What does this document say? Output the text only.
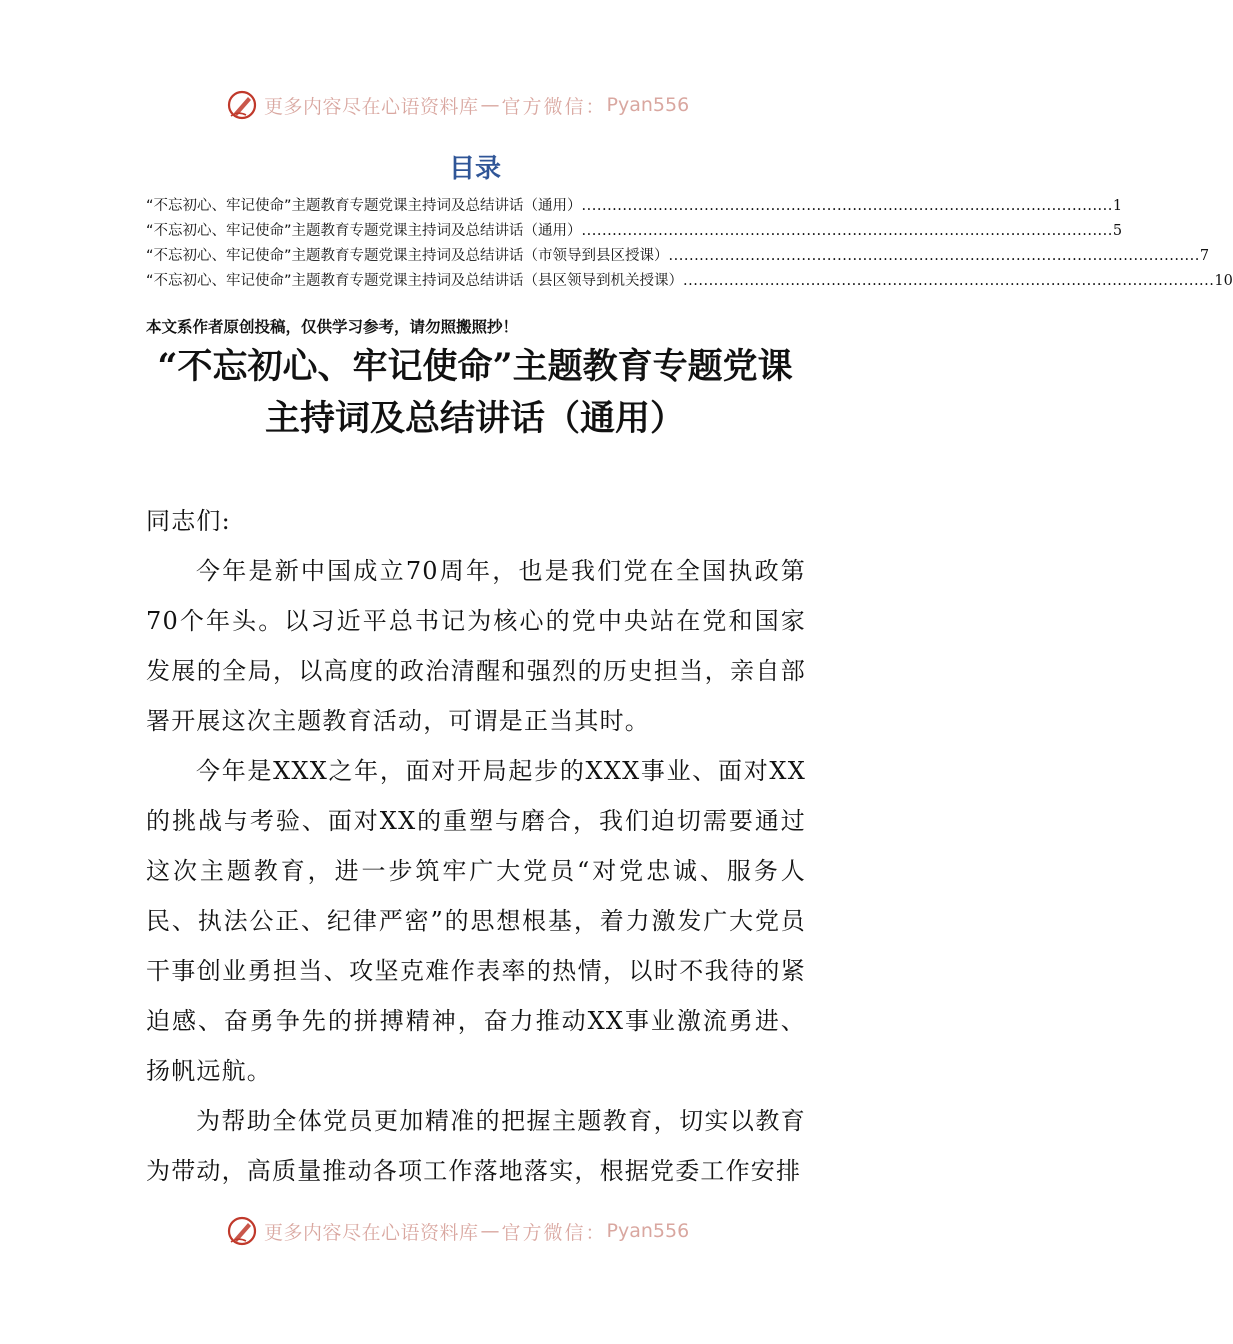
更多内容尽在心语资料库 — 官方微信： Pyan556
目录
“不忘初心、牢记使命”主题教育专题党课主持词及总结讲话（通用） ........................................................................................................ 1
“不忘初心、牢记使命”主题教育专题党课主持词及总结讲话（通用） ........................................................................................................ 5
“不忘初心、牢记使命”主题教育专题党课主持词及总结讲话（市领导到县区授课） ........................................................................................................ 7
“不忘初心、牢记使命”主题教育专题党课主持词及总结讲话（县区领导到机关授课） ........................................................................................................ 10
本文系作者原创投稿，仅供学习参考，请勿照搬照抄！
“不忘初心、牢记使命”主题教育专题党课
主持词及总结讲话（通用）

同志们:

今年是新中国成立70周年，也是我们党在全国执政第70个年头。以习近平总书记为核心的党中央站在党和国家发展的全局，以高度的政治清醒和强烈的历史担当，亲自部署开展这次主题教育活动，可谓是正当其时。

今年是XXX之年，面对开局起步的XXX事业、面对XX的挑战与考验、面对XX的重塑与磨合，我们迫切需要通过这次主题教育，进一步筑牢广大党员“对党忠诚、服务人民、执法公正、纪律严密”的思想根基，着力激发广大党员干事创业勇担当、攻坚克难作表率的热情，以时不我待的紧迫感、奋勇争先的拼搏精神，奋力推动XX事业激流勇进、扬帆远航。

为帮助全体党员更加精准的把握主题教育，切实以教育为带动，高质量推动各项工作落地落实，根据党委工作安排

更多内容尽在心语资料库 — 官方微信： Pyan556
